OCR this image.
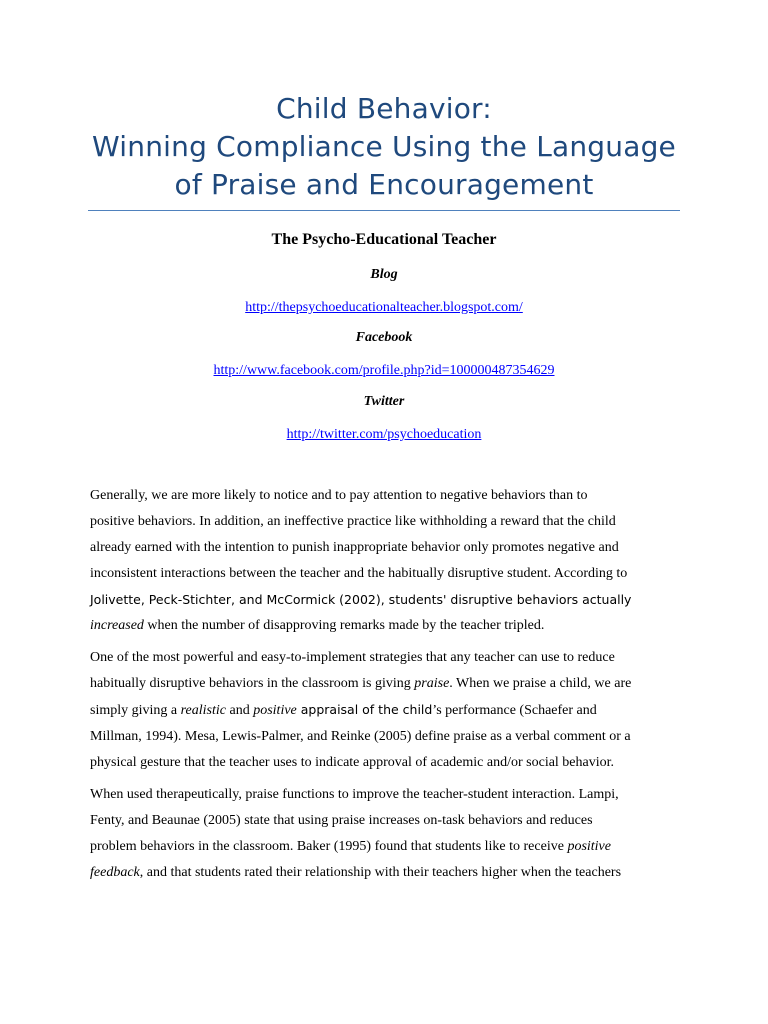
Child Behavior:
Winning Compliance Using the Language
of Praise and Encouragement
The Psycho-Educational Teacher
Blog
http://thepsychoeducationalteacher.blogspot.com/
Facebook
http://www.facebook.com/profile.php?id=100000487354629
Twitter
http://twitter.com/psychoeducation
Generally, we are more likely to notice and to pay attention to negative behaviors than to
positive behaviors. In addition, an ineffective practice like withholding a reward that the child
already earned with the intention to punish inappropriate behavior only promotes negative and
inconsistent interactions between the teacher and the habitually disruptive student. According to
Jolivette, Peck-Stichter, and McCormick (2002), students' disruptive behaviors actually
increased when the number of disapproving remarks made by the teacher tripled.
One of the most powerful and easy-to-implement strategies that any teacher can use to reduce
habitually disruptive behaviors in the classroom is giving praise. When we praise a child, we are
simply giving a realistic and positive appraisal of the child’s performance (Schaefer and
Millman, 1994). Mesa, Lewis-Palmer, and Reinke (2005) define praise as a verbal comment or a
physical gesture that the teacher uses to indicate approval of academic and/or social behavior.
When used therapeutically, praise functions to improve the teacher-student interaction. Lampi,
Fenty, and Beaunae (2005) state that using praise increases on-task behaviors and reduces
problem behaviors in the classroom. Baker (1995) found that students like to receive positive
feedback, and that students rated their relationship with their teachers higher when the teachers
